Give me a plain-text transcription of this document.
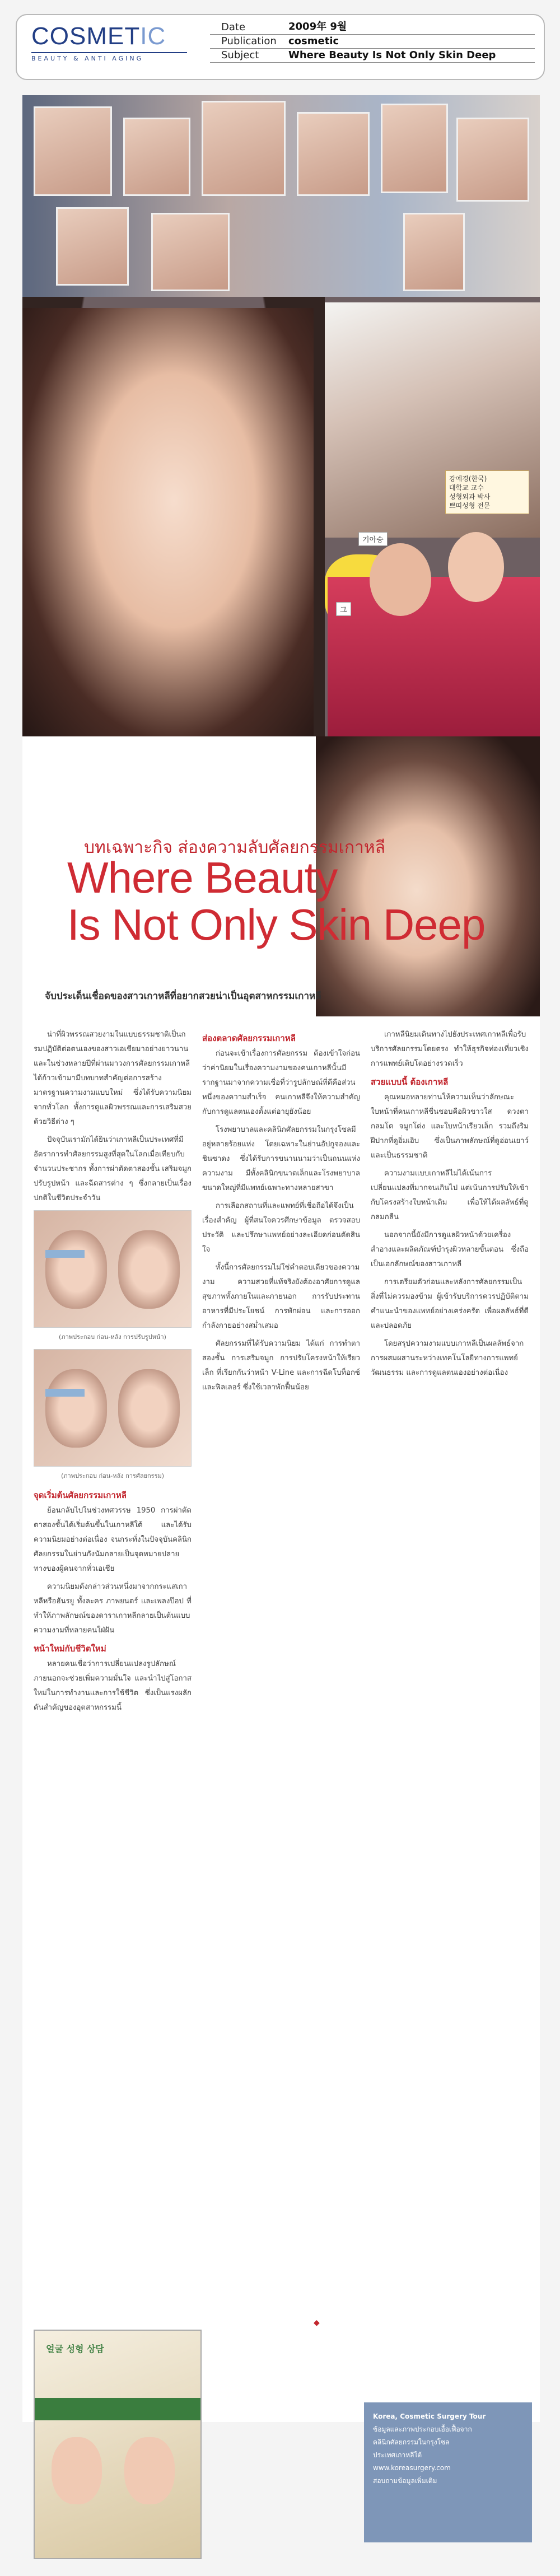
COSMETIC
BEAUTY & ANTI AGING
Date	2009年 9월
Publication	cosmetic
Subject	Where Beauty Is Not Only Skin Deep
기아승
그
강예경(한국)
대학교 교수
성형외과 박사
쁘띠성형 전문
บทเฉพาะกิจ ส่องความลับศัลยกรรมเกาหลี
Where Beauty
Is Not Only Skin Deep
จับประเด็นเชื่อดของสาวเกาหลีที่อยากสวยน่าเป็นอุตสาหกรรมเกาหลี

น่าที่ผิวพรรณสวยงามในแบบธรรมชาติเป็นกรมปฏิบัติต่อตนเองของสาวเอเชียมาอย่างยาวนาน และในช่วงหลายปีที่ผ่านมาวงการศัลยกรรมเกาหลีได้ก้าวเข้ามามีบทบาทสำคัญต่อการสร้างมาตรฐานความงามแบบใหม่ ซึ่งได้รับความนิยมจากทั่วโลก ทั้งการดูแลผิวพรรณและการเสริมสวยด้วยวิธีต่าง ๆ

ปัจจุบันเรามักได้ยินว่าเกาหลีเป็นประเทศที่มีอัตราการทำศัลยกรรมสูงที่สุดในโลกเมื่อเทียบกับจำนวนประชากร ทั้งการผ่าตัดตาสองชั้น เสริมจมูก ปรับรูปหน้า และฉีดสารต่าง ๆ ซึ่งกลายเป็นเรื่องปกติในชีวิตประจำวัน

(ภาพประกอบ ก่อน-หลัง การปรับรูปหน้า)
(ภาพประกอบ ก่อน-หลัง การศัลยกรรม)
จุดเริ่มต้นศัลยกรรมเกาหลี

ย้อนกลับไปในช่วงทศวรรษ 1950 การผ่าตัดตาสองชั้นได้เริ่มต้นขึ้นในเกาหลีใต้ และได้รับความนิยมอย่างต่อเนื่อง จนกระทั่งในปัจจุบันคลินิกศัลยกรรมในย่านกังนัมกลายเป็นจุดหมายปลายทางของผู้คนจากทั่วเอเชีย

ความนิยมดังกล่าวส่วนหนึ่งมาจากกระแสเกาหลีหรือฮันรยู ทั้งละคร ภาพยนตร์ และเพลงป๊อป ที่ทำให้ภาพลักษณ์ของดาราเกาหลีกลายเป็นต้นแบบความงามที่หลายคนใฝ่ฝัน

หน้าใหม่กับชีวิตใหม่

หลายคนเชื่อว่าการเปลี่ยนแปลงรูปลักษณ์ภายนอกจะช่วยเพิ่มความมั่นใจ และนำไปสู่โอกาสใหม่ในการทำงานและการใช้ชีวิต ซึ่งเป็นแรงผลักดันสำคัญของอุตสาหกรรมนี้

ส่องตลาดศัลยกรรมเกาหลี

ก่อนจะเข้าเรื่องการศัลยกรรม ต้องเข้าใจก่อนว่าค่านิยมในเรื่องความงามของคนเกาหลีนั้นมีรากฐานมาจากความเชื่อที่ว่ารูปลักษณ์ที่ดีคือส่วนหนึ่งของความสำเร็จ คนเกาหลีจึงให้ความสำคัญกับการดูแลตนเองตั้งแต่อายุยังน้อย

โรงพยาบาลและคลินิกศัลยกรรมในกรุงโซลมีอยู่หลายร้อยแห่ง โดยเฉพาะในย่านอัปกูจองและชินซาดง ซึ่งได้รับการขนานนามว่าเป็นถนนแห่งความงาม มีทั้งคลินิกขนาดเล็กและโรงพยาบาลขนาดใหญ่ที่มีแพทย์เฉพาะทางหลายสาขา

การเลือกสถานที่และแพทย์ที่เชื่อถือได้จึงเป็นเรื่องสำคัญ ผู้ที่สนใจควรศึกษาข้อมูล ตรวจสอบประวัติ และปรึกษาแพทย์อย่างละเอียดก่อนตัดสินใจ

ทั้งนี้การศัลยกรรมไม่ใช่คำตอบเดียวของความงาม ความสวยที่แท้จริงยังต้องอาศัยการดูแลสุขภาพทั้งภายในและภายนอก การรับประทานอาหารที่มีประโยชน์ การพักผ่อน และการออกกำลังกายอย่างสม่ำเสมอ

ศัลยกรรมที่ได้รับความนิยม ได้แก่ การทำตาสองชั้น การเสริมจมูก การปรับโครงหน้าให้เรียวเล็ก ที่เรียกกันว่าหน้า V-Line และการฉีดโบท็อกซ์และฟิลเลอร์ ซึ่งใช้เวลาพักฟื้นน้อย

เกาหลีนิยมเดินทางไปยังประเทศเกาหลีเพื่อรับบริการศัลยกรรมโดยตรง ทำให้ธุรกิจท่องเที่ยวเชิงการแพทย์เติบโตอย่างรวดเร็ว

สวยแบบนี้ ต้องเกาหลี

คุณหมอหลายท่านให้ความเห็นว่าลักษณะใบหน้าที่คนเกาหลีชื่นชอบคือผิวขาวใส ดวงตากลมโต จมูกโด่ง และใบหน้าเรียวเล็ก รวมถึงริมฝีปากที่ดูอิ่มเอิบ ซึ่งเป็นภาพลักษณ์ที่ดูอ่อนเยาว์และเป็นธรรมชาติ

ความงามแบบเกาหลีไม่ได้เน้นการเปลี่ยนแปลงที่มากจนเกินไป แต่เน้นการปรับให้เข้ากับโครงสร้างใบหน้าเดิม เพื่อให้ได้ผลลัพธ์ที่ดูกลมกลืน

นอกจากนี้ยังมีการดูแลผิวหน้าด้วยเครื่องสำอางและผลิตภัณฑ์บำรุงผิวหลายขั้นตอน ซึ่งถือเป็นเอกลักษณ์ของสาวเกาหลี

การเตรียมตัวก่อนและหลังการศัลยกรรมเป็นสิ่งที่ไม่ควรมองข้าม ผู้เข้ารับบริการควรปฏิบัติตามคำแนะนำของแพทย์อย่างเคร่งครัด เพื่อผลลัพธ์ที่ดีและปลอดภัย

โดยสรุปความงามแบบเกาหลีเป็นผลลัพธ์จากการผสมผสานระหว่างเทคโนโลยีทางการแพทย์ วัฒนธรรม และการดูแลตนเองอย่างต่อเนื่อง

◆
얼굴 성형 상담

Korea, Cosmetic Surgery Tour

ข้อมูลและภาพประกอบเอื้อเฟื้อจาก

คลินิกศัลยกรรมในกรุงโซล

ประเทศเกาหลีใต้

www.koreasurgery.com

สอบถามข้อมูลเพิ่มเติม
